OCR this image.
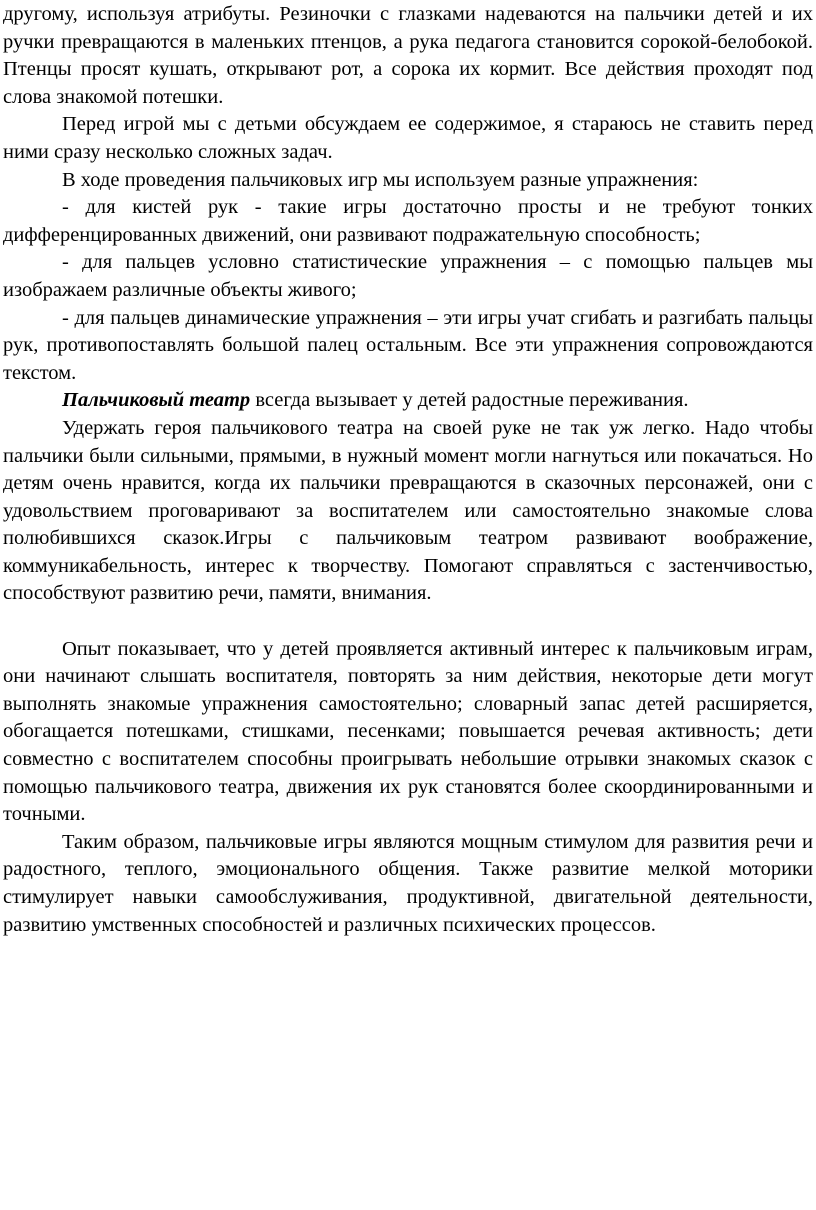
другому, используя атрибуты. Резиночки с глазками надеваются на пальчики детей и их ручки превращаются в маленьких птенцов, а рука педагога становится сорокой-белобокой. Птенцы просят кушать, открывают рот, а сорока их кормит. Все действия проходят под слова знакомой потешки.

Перед игрой мы с детьми обсуждаем ее содержимое, я стараюсь не ставить перед ними сразу несколько сложных задач.

В ходе проведения пальчиковых игр мы используем разные упражнения:

- для кистей рук - такие игры достаточно просты и не требуют тонких дифференцированных движений, они развивают подражательную способность;

- для пальцев условно статистические упражнения – с помощью пальцев мы изображаем различные объекты живого;

- для пальцев динамические упражнения – эти игры учат сгибать и разгибать пальцы рук, противопоставлять большой палец остальным. Все эти упражнения сопровождаются текстом.

Пальчиковый театр всегда вызывает у детей радостные переживания.

Удержать героя пальчикового театра на своей руке не так уж легко. Надо чтобы пальчики были сильными, прямыми, в нужный момент могли нагнуться или покачаться. Но детям очень нравится, когда их пальчики превращаются в сказочных персонажей, они с удовольствием проговаривают за воспитателем или самостоятельно знакомые слова полюбившихся сказок.Игры с пальчиковым театром развивают воображение, коммуникабельность, интерес к творчеству. Помогают справляться с застенчивостью, способствуют развитию речи, памяти, внимания.

Опыт показывает, что у детей проявляется активный интерес к пальчиковым играм, они начинают слышать воспитателя, повторять за ним действия, некоторые дети могут выполнять знакомые упражнения самостоятельно; словарный запас детей расширяется, обогащается потешками, стишками, песенками; повышается речевая активность; дети совместно с воспитателем способны проигрывать небольшие отрывки знакомых сказок с помощью пальчикового театра, движения их рук становятся более скоординированными и точными.

Таким образом, пальчиковые игры являются мощным стимулом для развития речи и радостного, теплого, эмоционального общения. Также развитие мелкой моторики стимулирует навыки самообслуживания, продуктивной, двигательной деятельности, развитию умственных способностей и различных психических процессов.
